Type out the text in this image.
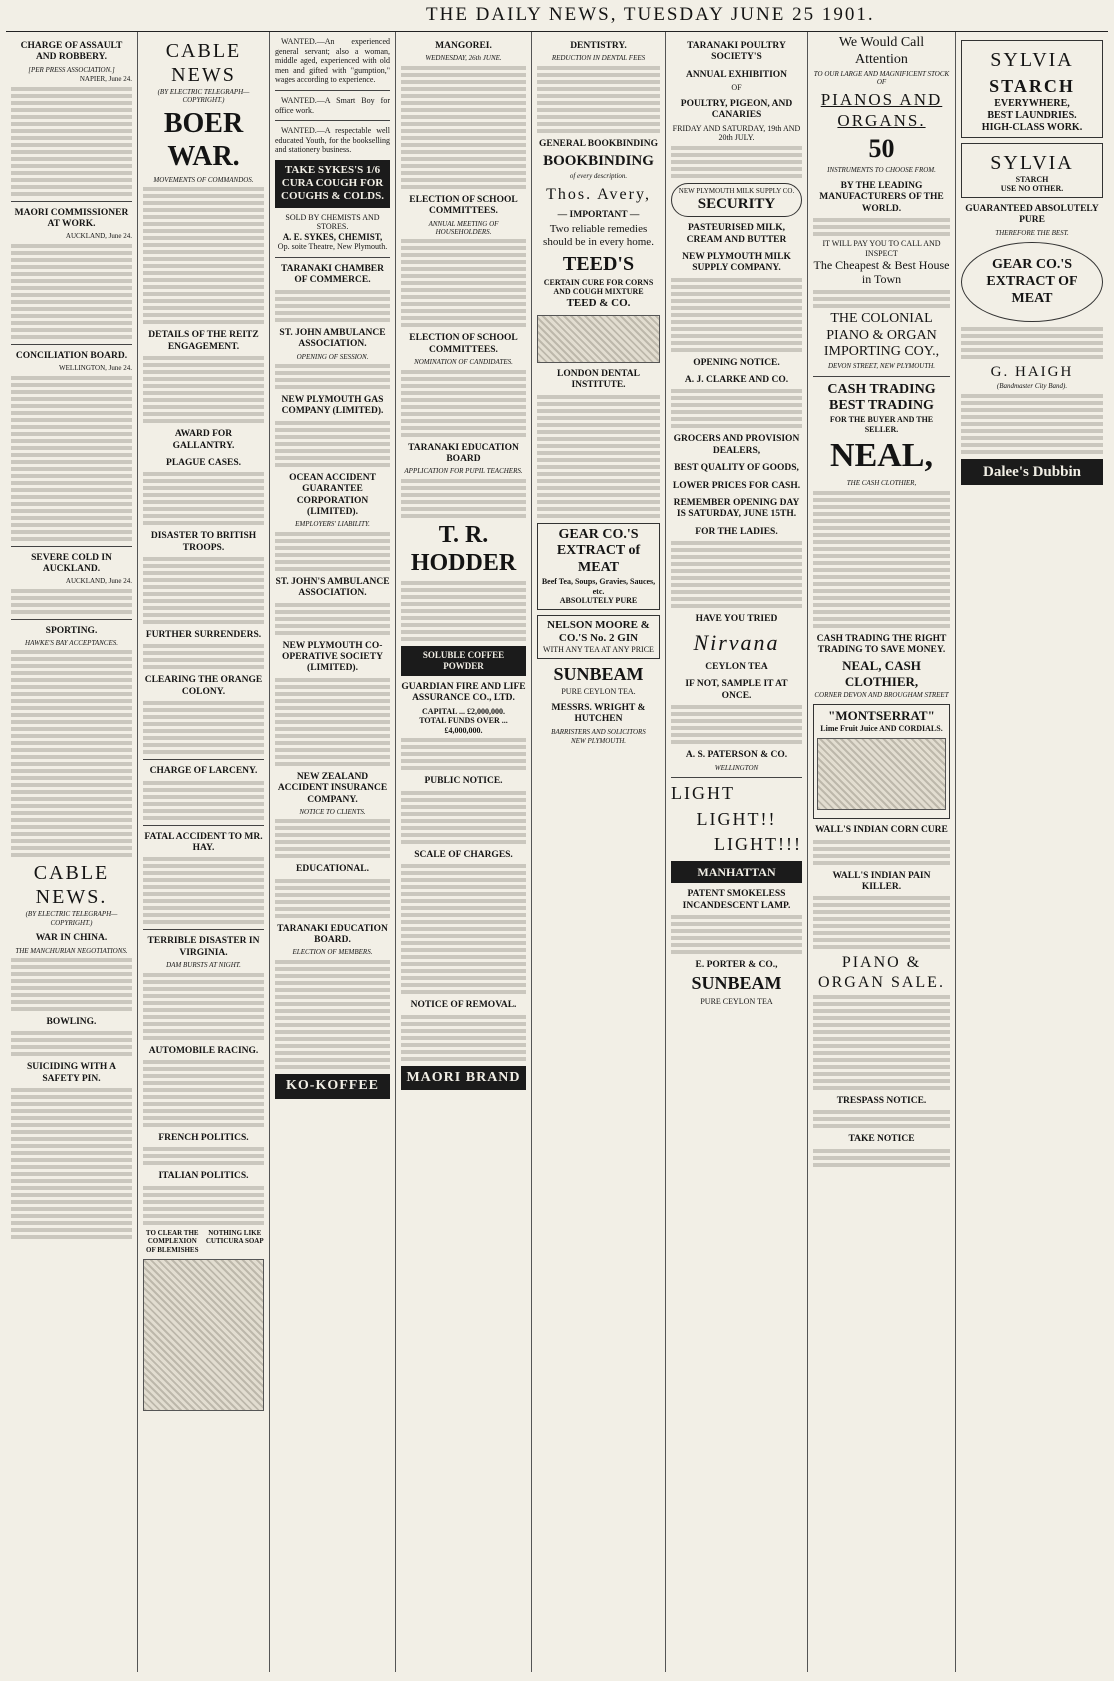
THE DAILY NEWS, TUESDAY JUNE 25 1901.
CHARGE OF ASSAULT AND ROBBERY.
[PER PRESS ASSOCIATION.]
NAPIER, June 24.
MAORI COMMISSIONER AT WORK.
AUCKLAND, June 24.
CONCILIATION BOARD.
WELLINGTON, June 24.
SEVERE COLD IN AUCKLAND.
AUCKLAND, June 24.
SPORTING.
HAWKE'S BAY ACCEPTANCES.
CABLE NEWS.
(BY ELECTRIC TELEGRAPH—COPYRIGHT.)
WAR IN CHINA.
THE MANCHURIAN NEGOTIATIONS.
BOWLING.
SUICIDING WITH A SAFETY PIN.
CABLE NEWS
(BY ELECTRIC TELEGRAPH—COPYRIGHT.)
BOER WAR.
MOVEMENTS OF COMMANDOS.
DETAILS OF THE REITZ ENGAGEMENT.
AWARD FOR GALLANTRY.
PLAGUE CASES.
DISASTER TO BRITISH TROOPS.
FURTHER SURRENDERS.
CLEARING THE ORANGE COLONY.
CHARGE OF LARCENY.
FATAL ACCIDENT TO MR. HAY.
TERRIBLE DISASTER IN VIRGINIA.
DAM BURSTS AT NIGHT.
AUTOMOBILE RACING.
FRENCH POLITICS.
ITALIAN POLITICS.
TO CLEAR THE COMPLEXION OF BLEMISHES
NOTHING LIKE CUTICURA SOAP
WANTED.—An experienced general servant; also a woman, middle aged, experienced with old men and gifted with "gumption," wages according to experience.
WANTED.—A Smart Boy for office work.
WANTED.—A respectable well educated Youth, for the bookselling and stationery business.
TAKE SYKES'S 1/6 CURA COUGH FOR COUGHS & COLDS.
SOLD BY CHEMISTS AND STORES.
A. E. SYKES, CHEMIST,
Op. soite Theatre, New Plymouth.
TARANAKI CHAMBER OF COMMERCE.
ST. JOHN AMBULANCE ASSOCIATION.
OPENING OF SESSION.
NEW PLYMOUTH GAS COMPANY (LIMITED).
OCEAN ACCIDENT GUARANTEE CORPORATION (LIMITED).
EMPLOYERS' LIABILITY.
ST. JOHN'S AMBULANCE ASSOCIATION.
NEW PLYMOUTH CO-OPERATIVE SOCIETY (LIMITED).
NEW ZEALAND ACCIDENT INSURANCE COMPANY.
NOTICE TO CLIENTS.
EDUCATIONAL.
TARANAKI EDUCATION BOARD.
ELECTION OF MEMBERS.
KO-KOFFEE
MANGOREI.
WEDNESDAY, 26th JUNE.
ELECTION OF SCHOOL COMMITTEES.
ANNUAL MEETING OF HOUSEHOLDERS.
ELECTION OF SCHOOL COMMITTEES.
NOMINATION OF CANDIDATES.
TARANAKI EDUCATION BOARD
APPLICATION FOR PUPIL TEACHERS.
T. R. HODDER
SOLUBLE COFFEE POWDER
GUARDIAN FIRE AND LIFE ASSURANCE CO., LTD.
CAPITAL ... £2,000,000.
TOTAL FUNDS OVER ... £4,000,000.
PUBLIC NOTICE.
SCALE OF CHARGES.
NOTICE OF REMOVAL.
MAORI BRAND
DENTISTRY.
REDUCTION IN DENTAL FEES
GENERAL BOOKBINDING
BOOKBINDING
of every description.
Thos. Avery,
— IMPORTANT —
Two reliable remedies should be in every home.
TEED'S
CERTAIN CURE FOR CORNS AND COUGH MIXTURE
TEED & CO.
LONDON DENTAL INSTITUTE.
GEAR CO.'S EXTRACT of MEAT
Beef Tea, Soups, Gravies, Sauces, etc.
ABSOLUTELY PURE
NELSON MOORE & CO.'S No. 2 GIN
WITH ANY TEA AT ANY PRICE
SUNBEAM
PURE CEYLON TEA.
MESSRS. WRIGHT & HUTCHEN
BARRISTERS AND SOLICITORS
NEW PLYMOUTH.
TARANAKI POULTRY SOCIETY'S
ANNUAL EXHIBITION
OF
POULTRY, PIGEON, AND CANARIES
FRIDAY AND SATURDAY, 19th AND 20th JULY.
NEW PLYMOUTH MILK SUPPLY CO.
SECURITY
PASTEURISED MILK, CREAM AND BUTTER
NEW PLYMOUTH MILK SUPPLY COMPANY.
OPENING NOTICE.
A. J. CLARKE AND CO.
GROCERS AND PROVISION DEALERS,
BEST QUALITY OF GOODS,
LOWER PRICES FOR CASH.
REMEMBER OPENING DAY IS SATURDAY, JUNE 15TH.
FOR THE LADIES.
HAVE YOU TRIED
Nirvana
CEYLON TEA
IF NOT, SAMPLE IT AT ONCE.
A. S. PATERSON & CO.
WELLINGTON
LIGHT
LIGHT!!
LIGHT!!!
MANHATTAN
PATENT SMOKELESS INCANDESCENT LAMP.
E. PORTER & CO.,
SUNBEAM
PURE CEYLON TEA
We Would Call Attention
TO OUR LARGE AND MAGNIFICENT STOCK OF
PIANOS AND ORGANS.
50
INSTRUMENTS TO CHOOSE FROM.
BY THE LEADING MANUFACTURERS OF THE WORLD.
IT WILL PAY YOU TO CALL AND INSPECT
The Cheapest & Best House in Town
THE COLONIAL PIANO & ORGAN IMPORTING COY.,
DEVON STREET, NEW PLYMOUTH.
CASH TRADING BEST TRADING
FOR THE BUYER AND THE SELLER.
NEAL,
THE CASH CLOTHIER,
CASH TRADING THE RIGHT TRADING TO SAVE MONEY.
NEAL, CASH CLOTHIER,
CORNER DEVON AND BROUGHAM STREET
"MONTSERRAT"
Lime Fruit Juice AND CORDIALS.
WALL'S INDIAN CORN CURE
WALL'S INDIAN PAIN KILLER.
PIANO & ORGAN SALE.
TRESPASS NOTICE.
TAKE NOTICE
SYLVIA
STARCH
EVERYWHERE,
BEST LAUNDRIES.
HIGH-CLASS WORK.
SYLVIA
STARCH
USE NO OTHER.
GUARANTEED ABSOLUTELY PURE
THEREFORE THE BEST.
GEAR CO.'S EXTRACT OF MEAT
G. HAIGH
(Bandmaster City Band).
Dalee's Dubbin
